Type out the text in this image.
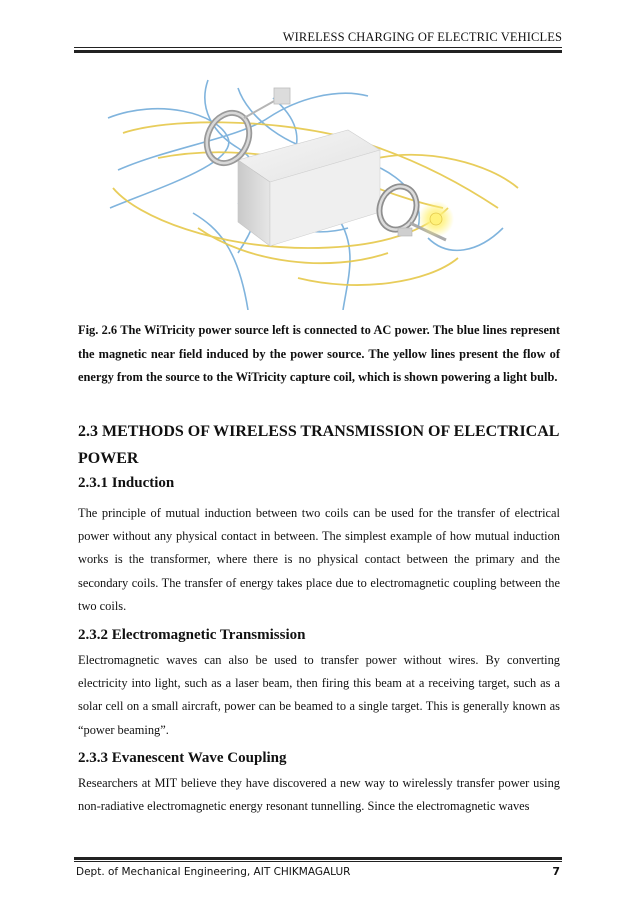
WIRELESS CHARGING OF ELECTRIC VEHICLES
Fig. 2.6 The WiTricity power source left is connected to AC power. The blue lines represent the magnetic near field induced by the power source. The yellow lines present the flow of energy from the source to the WiTricity capture coil, which is shown powering a light bulb.
2.3 METHODS OF WIRELESS TRANSMISSION OF ELECTRICAL POWER
2.3.1 Induction
The principle of mutual induction between two coils can be used for the transfer of electrical power without any physical contact in between. The simplest example of how mutual induction works is the transformer, where there is no physical contact between the primary and the secondary coils. The transfer of energy takes place due to electromagnetic coupling between the two coils.
2.3.2 Electromagnetic Transmission
Electromagnetic waves can also be used to transfer power without wires. By converting electricity into light, such as a laser beam, then firing this beam at a receiving target, such as a solar cell on a small aircraft, power can be beamed to a single target. This is generally known as “power beaming”.
2.3.3 Evanescent Wave Coupling
Researchers at MIT believe they have discovered a new way to wirelessly transfer power using non-radiative electromagnetic energy resonant tunnelling. Since the electromagnetic waves
Dept. of Mechanical Engineering, AIT CHIKMAGALUR	7
